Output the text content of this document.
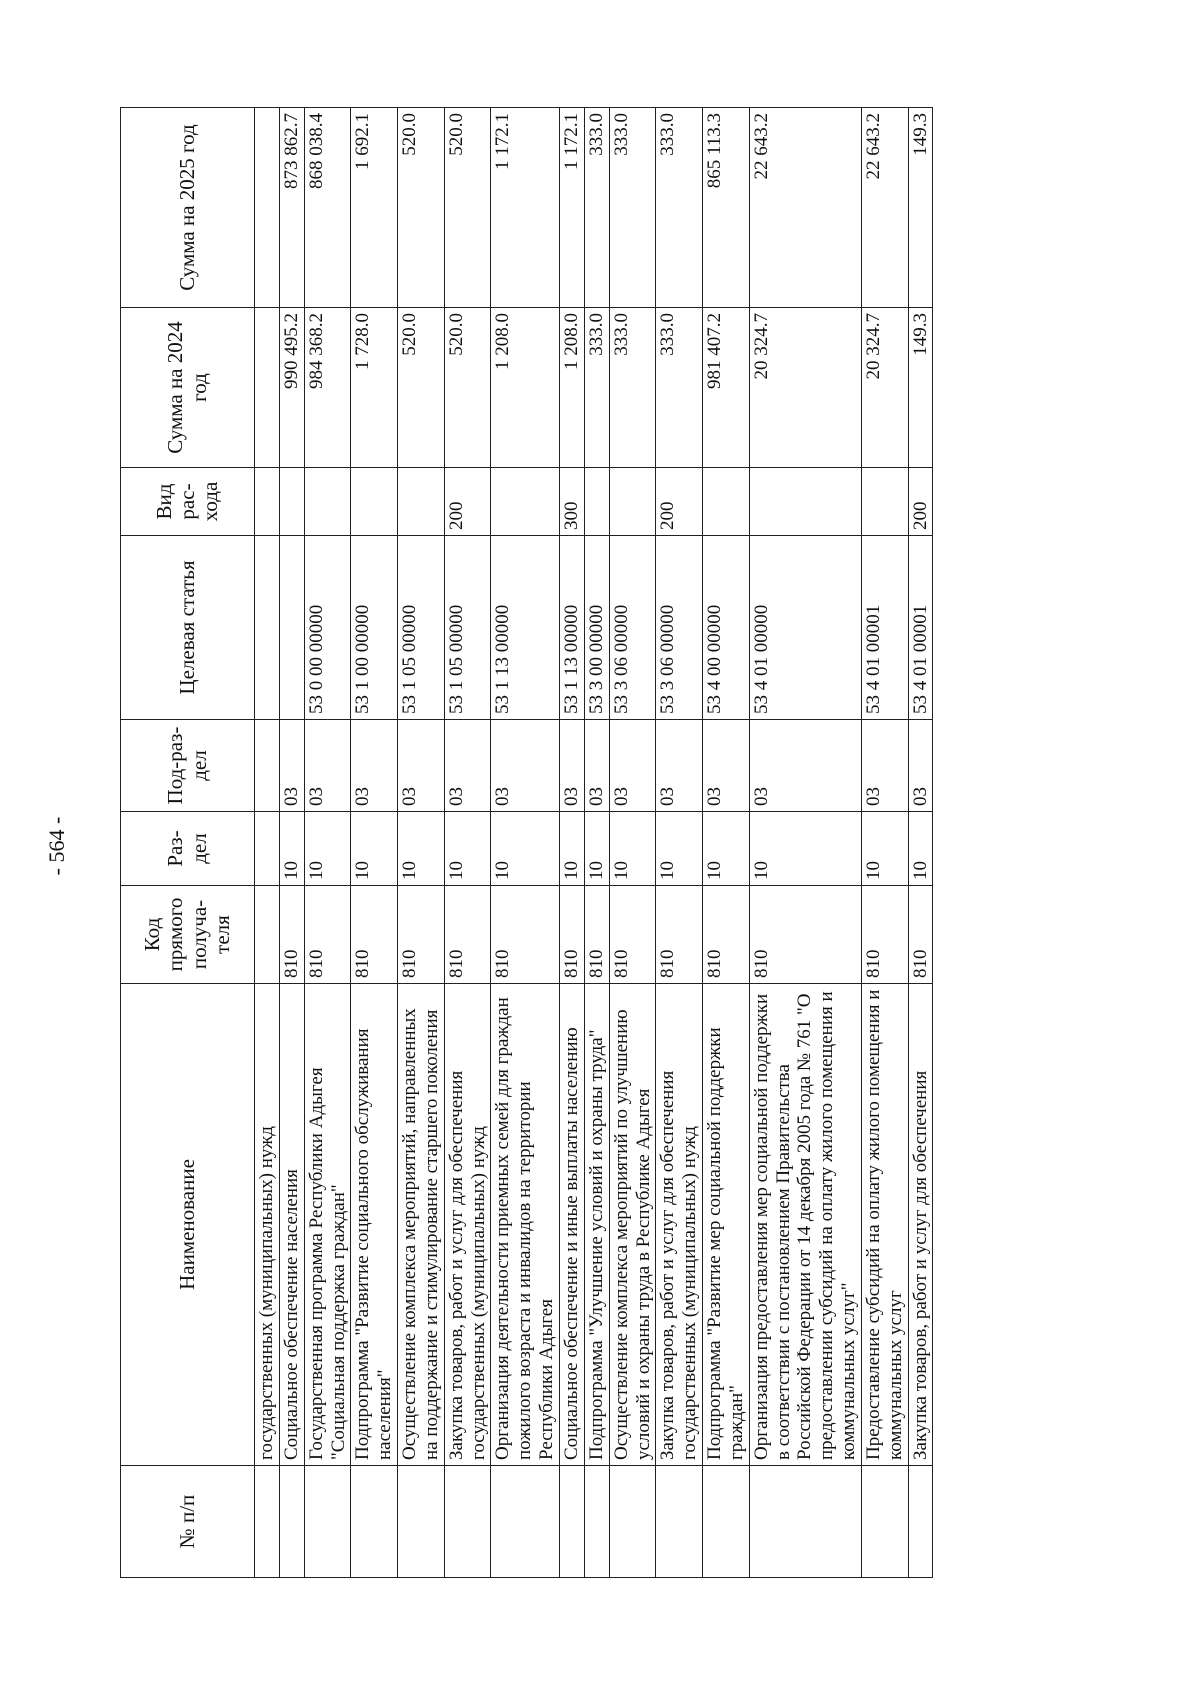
- 564 -
№ п/п	Наименование	Код прямого получа-теля	Раз-дел	Под-раз-дел	Целевая статья	Вид рас-хода	Сумма на 2024 год	Сумма на 2025 год
	государственных (муниципальных) нужд							
	Социальное обеспечение населения	810	10	03			990 495.2	873 862.7
	Государственная программа Республики Адыгея "Социальная поддержка граждан"	810	10	03	53 0 00 00000		984 368.2	868 038.4
	Подпрограмма "Развитие социального обслуживания населения"	810	10	03	53 1 00 00000		1 728.0	1 692.1
	Осуществление комплекса мероприятий, направленных на поддержание и стимулирование старшего поколения	810	10	03	53 1 05 00000		520.0	520.0
	Закупка товаров, работ и услуг для обеспечения государственных (муниципальных) нужд	810	10	03	53 1 05 00000	200	520.0	520.0
	Организация деятельности приемных семей для граждан пожилого возраста и инвалидов на территории Республики Адыгея	810	10	03	53 1 13 00000		1 208.0	1 172.1
	Социальное обеспечение и иные выплаты населению	810	10	03	53 1 13 00000	300	1 208.0	1 172.1
	Подпрограмма "Улучшение условий и охраны труда"	810	10	03	53 3 00 00000		333.0	333.0
	Осуществление комплекса мероприятий по улучшению условий и охраны труда в Республике Адыгея	810	10	03	53 3 06 00000		333.0	333.0
	Закупка товаров, работ и услуг для обеспечения государственных (муниципальных) нужд	810	10	03	53 3 06 00000	200	333.0	333.0
	Подпрограмма "Развитие мер социальной поддержки граждан"	810	10	03	53 4 00 00000		981 407.2	865 113.3
	Организация предоставления мер социальной поддержки в соответствии с постановлением Правительства Российской Федерации от 14 декабря 2005 года № 761 "О предоставлении субсидий на оплату жилого помещения и коммунальных услуг"	810	10	03	53 4 01 00000		20 324.7	22 643.2
	Предоставление субсидий на оплату жилого помещения и коммунальных услуг	810	10	03	53 4 01 00001		20 324.7	22 643.2
	Закупка товаров, работ и услуг для обеспечения	810	10	03	53 4 01 00001	200	149.3	149.3
